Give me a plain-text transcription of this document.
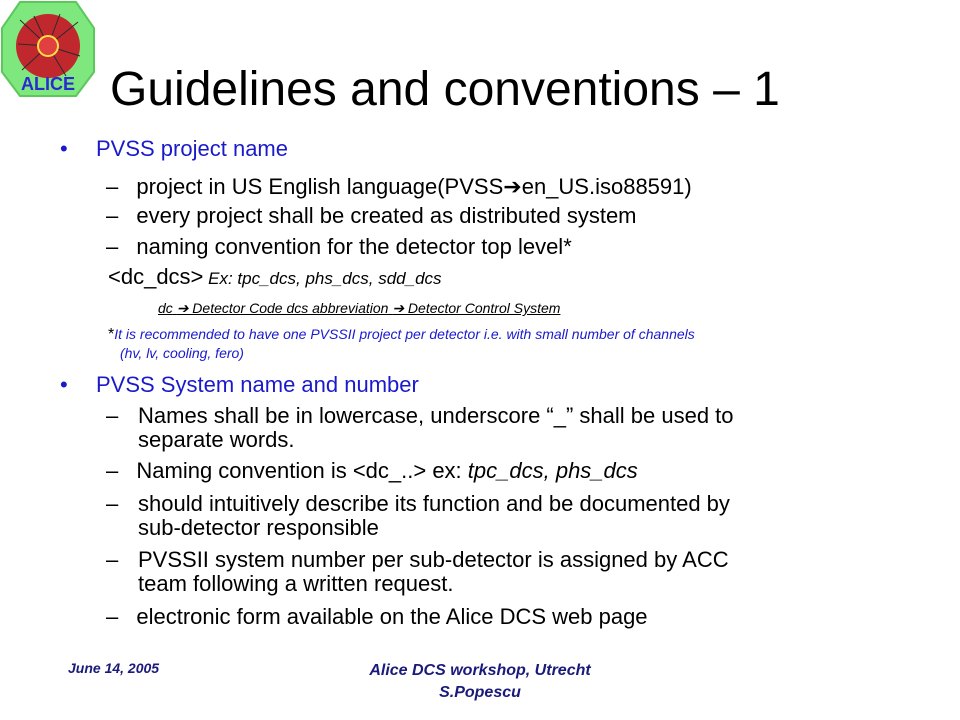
ALICE Guidelines and conventions – 1
• PVSS project name
– project in US English language(PVSS➔en_US.iso88591)
– every project shall be created as distributed system
– naming convention for the detector top level*
<dc_dcs> Ex: tpc_dcs, phs_dcs, sdd_dcs
dc ➔ Detector Code dcs abbreviation ➔ Detector Control System
*It is recommended to have one PVSSII project per detector i.e. with small number of channels
(hv, lv, cooling, fero)
• PVSS System name and number
– Names shall be in lowercase, underscore “_” shall be used to

separate words.
– Naming convention is <dc_..> ex: tpc_dcs, phs_dcs
– should intuitively describe its function and be documented by

sub-detector responsible
– PVSSII system number per sub-detector is assigned by ACC

team following a written request.
– electronic form available on the Alice DCS web page
June 14, 2005	Alice DCS workshop, Utrecht
S.Popescu
